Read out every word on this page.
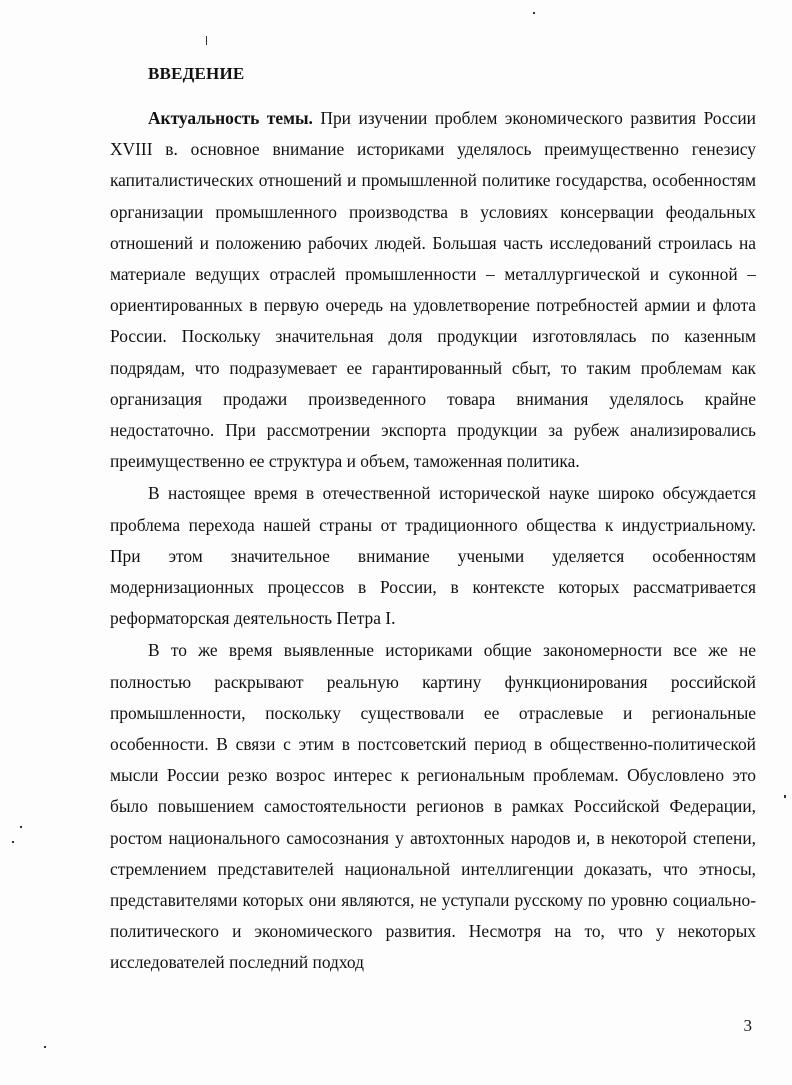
ВВЕДЕНИЕ

Актуальность темы. При изучении проблем экономического развития России XVIII в. основное внимание историками уделялось преимущественно генезису капиталистических отношений и промышленной политике государства, особенностям организации промышленного производства в условиях консервации феодальных отношений и положению рабочих людей. Большая часть исследований строилась на материале ведущих отраслей промышленности – металлургической и суконной – ориентированных в первую очередь на удовлетворение потребностей армии и флота России. Поскольку значительная доля продукции изготовлялась по казенным подрядам, что подразумевает ее гарантированный сбыт, то таким проблемам как организация продажи произведенного товара внимания уделялось крайне недостаточно. При рассмотрении экспорта продукции за рубеж анализировались преимущественно ее структура и объем, таможенная политика.

В настоящее время в отечественной исторической науке широко обсуждается проблема перехода нашей страны от традиционного общества к индустриальному. При этом значительное внимание учеными уделяется особенностям модернизационных процессов в России, в контексте которых рассматривается реформаторская деятельность Петра I.

В то же время выявленные историками общие закономерности все же не полностью раскрывают реальную картину функционирования российской промышленности, поскольку существовали ее отраслевые и региональные особенности. В связи с этим в постсоветский период в общественно-политической мысли России резко возрос интерес к региональным проблемам. Обусловлено это было повышением самостоятельности регионов в рамках Российской Федерации, ростом национального самосознания у автохтонных народов и, в некоторой степени, стремлением представителей национальной интеллигенции доказать, что этносы, представителями которых они являются, не уступали русскому по уровню социально-политического и экономического развития. Несмотря на то, что у некоторых исследователей последний подход

3
